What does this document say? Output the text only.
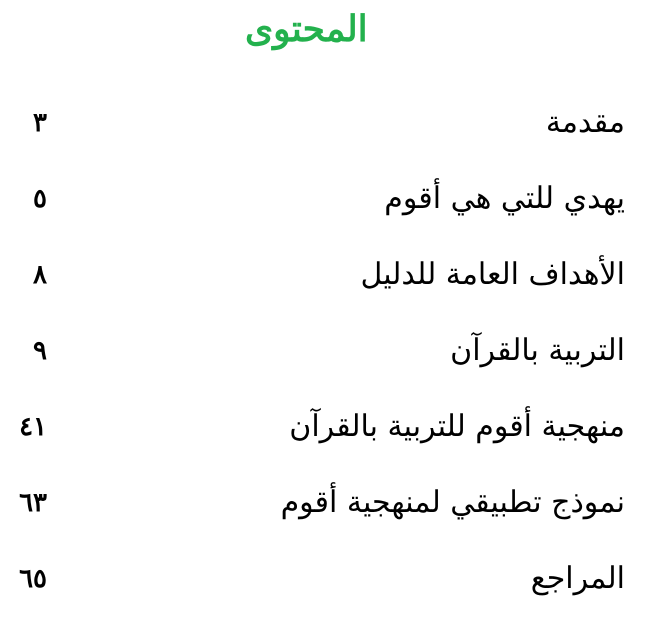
المحتوى
٣	مقدمة
٥	يهدي للتي هي أقوم
٨	الأهداف العامة للدليل
٩	التربية بالقرآن
٤١	منهجية أقوم للتربية بالقرآن
٦٣	نموذج تطبيقي لمنهجية أقوم
٦٥	المراجع
